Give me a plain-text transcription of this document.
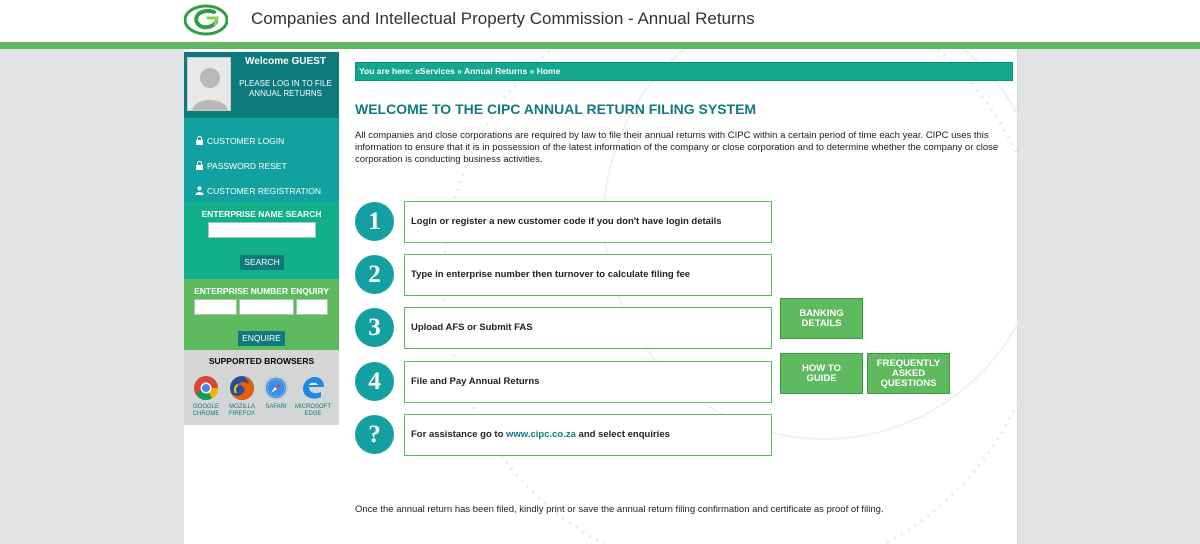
Companies and Intellectual Property Commission - Annual Returns
Welcome GUEST
PLEASE LOG IN TO FILE ANNUAL RETURNS
CUSTOMER LOGIN
PASSWORD RESET
CUSTOMER REGISTRATION
ENTERPRISE NAME SEARCH
SEARCH
ENTERPRISE NUMBER ENQUIRY
ENQUIRE
SUPPORTED BROWSERS
GOOGLE
CHROME
MOZILLA
FIREFOX
SAFARI	MICROSOFT
EDGE
You are here: eServices » Annual Returns » Home
WELCOME TO THE CIPC ANNUAL RETURN FILING SYSTEM
All companies and close corporations are required by law to file their annual returns with CIPC within a certain period of time each year. CIPC uses this information to ensure that it is in possession of the latest information of the company or close corporation and to determine whether the company or close corporation is conducting business activities.
1	Login or register a new customer code if you don't have login details
2	Type in enterprise number then turnover to calculate filing fee
3	Upload AFS or Submit FAS
4	File and Pay Annual Returns
?	For assistance go to www.cipc.co.za and select enquiries
BANKING
DETAILS
HOW TO
GUIDE
FREQUENTLY
ASKED
QUESTIONS
Once the annual return has been filed, kindly print or save the annual return filing confirmation and certificate as proof of filing.
